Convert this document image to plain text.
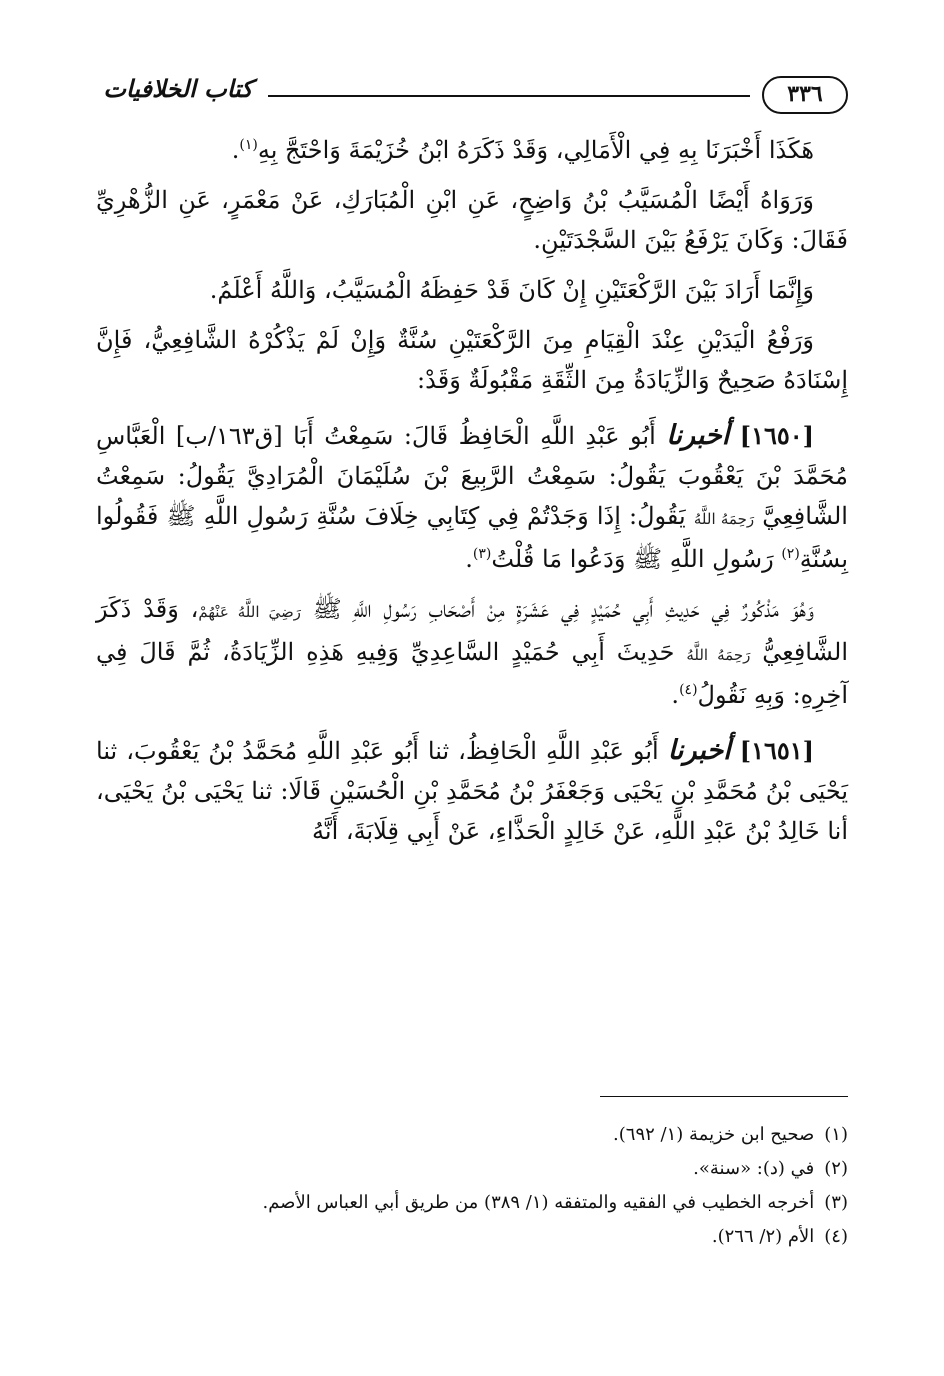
٣٣٦
كتاب الخلافيات

هَكَذَا أَخْبَرَنَا بِهِ فِي الْأَمَالِي، وَقَدْ ذَكَرَهُ ابْنُ خُزَيْمَةَ وَاحْتَجَّ بِهِ$^{(١)}$.

وَرَوَاهُ أَيْضًا الْمُسَيَّبُ بْنُ وَاضِحٍ، عَنِ ابْنِ الْمُبَارَكِ، عَنْ مَعْمَرٍ، عَنِ الزُّهْرِيِّ فَقَالَ: وَكَانَ يَرْفَعُ بَيْنَ السَّجْدَتَيْنِ.

وَإِنَّمَا أَرَادَ بَيْنَ الرَّكْعَتَيْنِ إِنْ كَانَ قَدْ حَفِظَهُ الْمُسَيَّبُ، وَاللَّهُ أَعْلَمُ.

وَرَفْعُ الْيَدَيْنِ عِنْدَ الْقِيَامِ مِنَ الرَّكْعَتَيْنِ سُنَّةٌ وَإِنْ لَمْ يَذْكُرْهُ الشَّافِعِيُّ، فَإِنَّ إِسْنَادَهُ صَحِيحٌ وَالزِّيَادَةُ مِنَ الثِّقَةِ مَقْبُولَةٌ وَقَدْ:

[١٦٥٠] أخبرنا أَبُو عَبْدِ اللَّهِ الْحَافِظُ قَالَ: سَمِعْتُ أَبَا [ق١٦٣/ب] الْعَبَّاسِ مُحَمَّدَ بْنَ يَعْقُوبَ يَقُولُ: سَمِعْتُ الرَّبِيعَ بْنَ سُلَيْمَانَ الْمُرَادِيَّ يَقُولُ: سَمِعْتُ الشَّافِعِيَّ رَحِمَهُ اللَّهُ يَقُولُ: إِذَا وَجَدْتُمْ فِي كِتَابِي خِلَافَ سُنَّةِ رَسُولِ اللَّهِ ﷺ فَقُولُوا بِسُنَّةِ$^{(٢)}$ رَسُولِ اللَّهِ ﷺ وَدَعُوا مَا قُلْتُ$^{(٣)}$.

وَهُوَ مَذْكُورٌ فِي حَدِيثِ أَبِي حُمَيْدٍ فِي عَشَرَةٍ مِنْ أَصْحَابِ رَسُولِ اللَّهِ ﷺ رَضِيَ اللَّهُ عَنْهُمْ، وَقَدْ ذَكَرَ الشَّافِعِيُّ رَحِمَهُ اللَّهُ حَدِيثَ أَبِي حُمَيْدٍ السَّاعِدِيِّ وَفِيهِ هَذِهِ الزِّيَادَةُ، ثُمَّ قَالَ فِي آخِرِهِ: وَبِهِ نَقُولُ$^{(٤)}$.

[١٦٥١] أخبرنا أَبُو عَبْدِ اللَّهِ الْحَافِظُ، ثنا أَبُو عَبْدِ اللَّهِ مُحَمَّدُ بْنُ يَعْقُوبَ، ثنا يَحْيَى بْنُ مُحَمَّدِ بْنِ يَحْيَى وَجَعْفَرُ بْنُ مُحَمَّدِ بْنِ الْحُسَيْنِ قَالَا: ثنا يَحْيَى بْنُ يَحْيَى، أنا خَالِدُ بْنُ عَبْدِ اللَّهِ، عَنْ خَالِدٍ الْحَذَّاءِ، عَنْ أَبِي قِلَابَةَ، أَنَّهُ

(١)
صحيح ابن خزيمة (١/ ٦٩٢).
(٢)
في (د): «سنة».
(٣)
أخرجه الخطيب في الفقيه والمتفقه (١/ ٣٨٩) من طريق أبي العباس الأصم.
(٤)
الأم (٢/ ٢٦٦).
